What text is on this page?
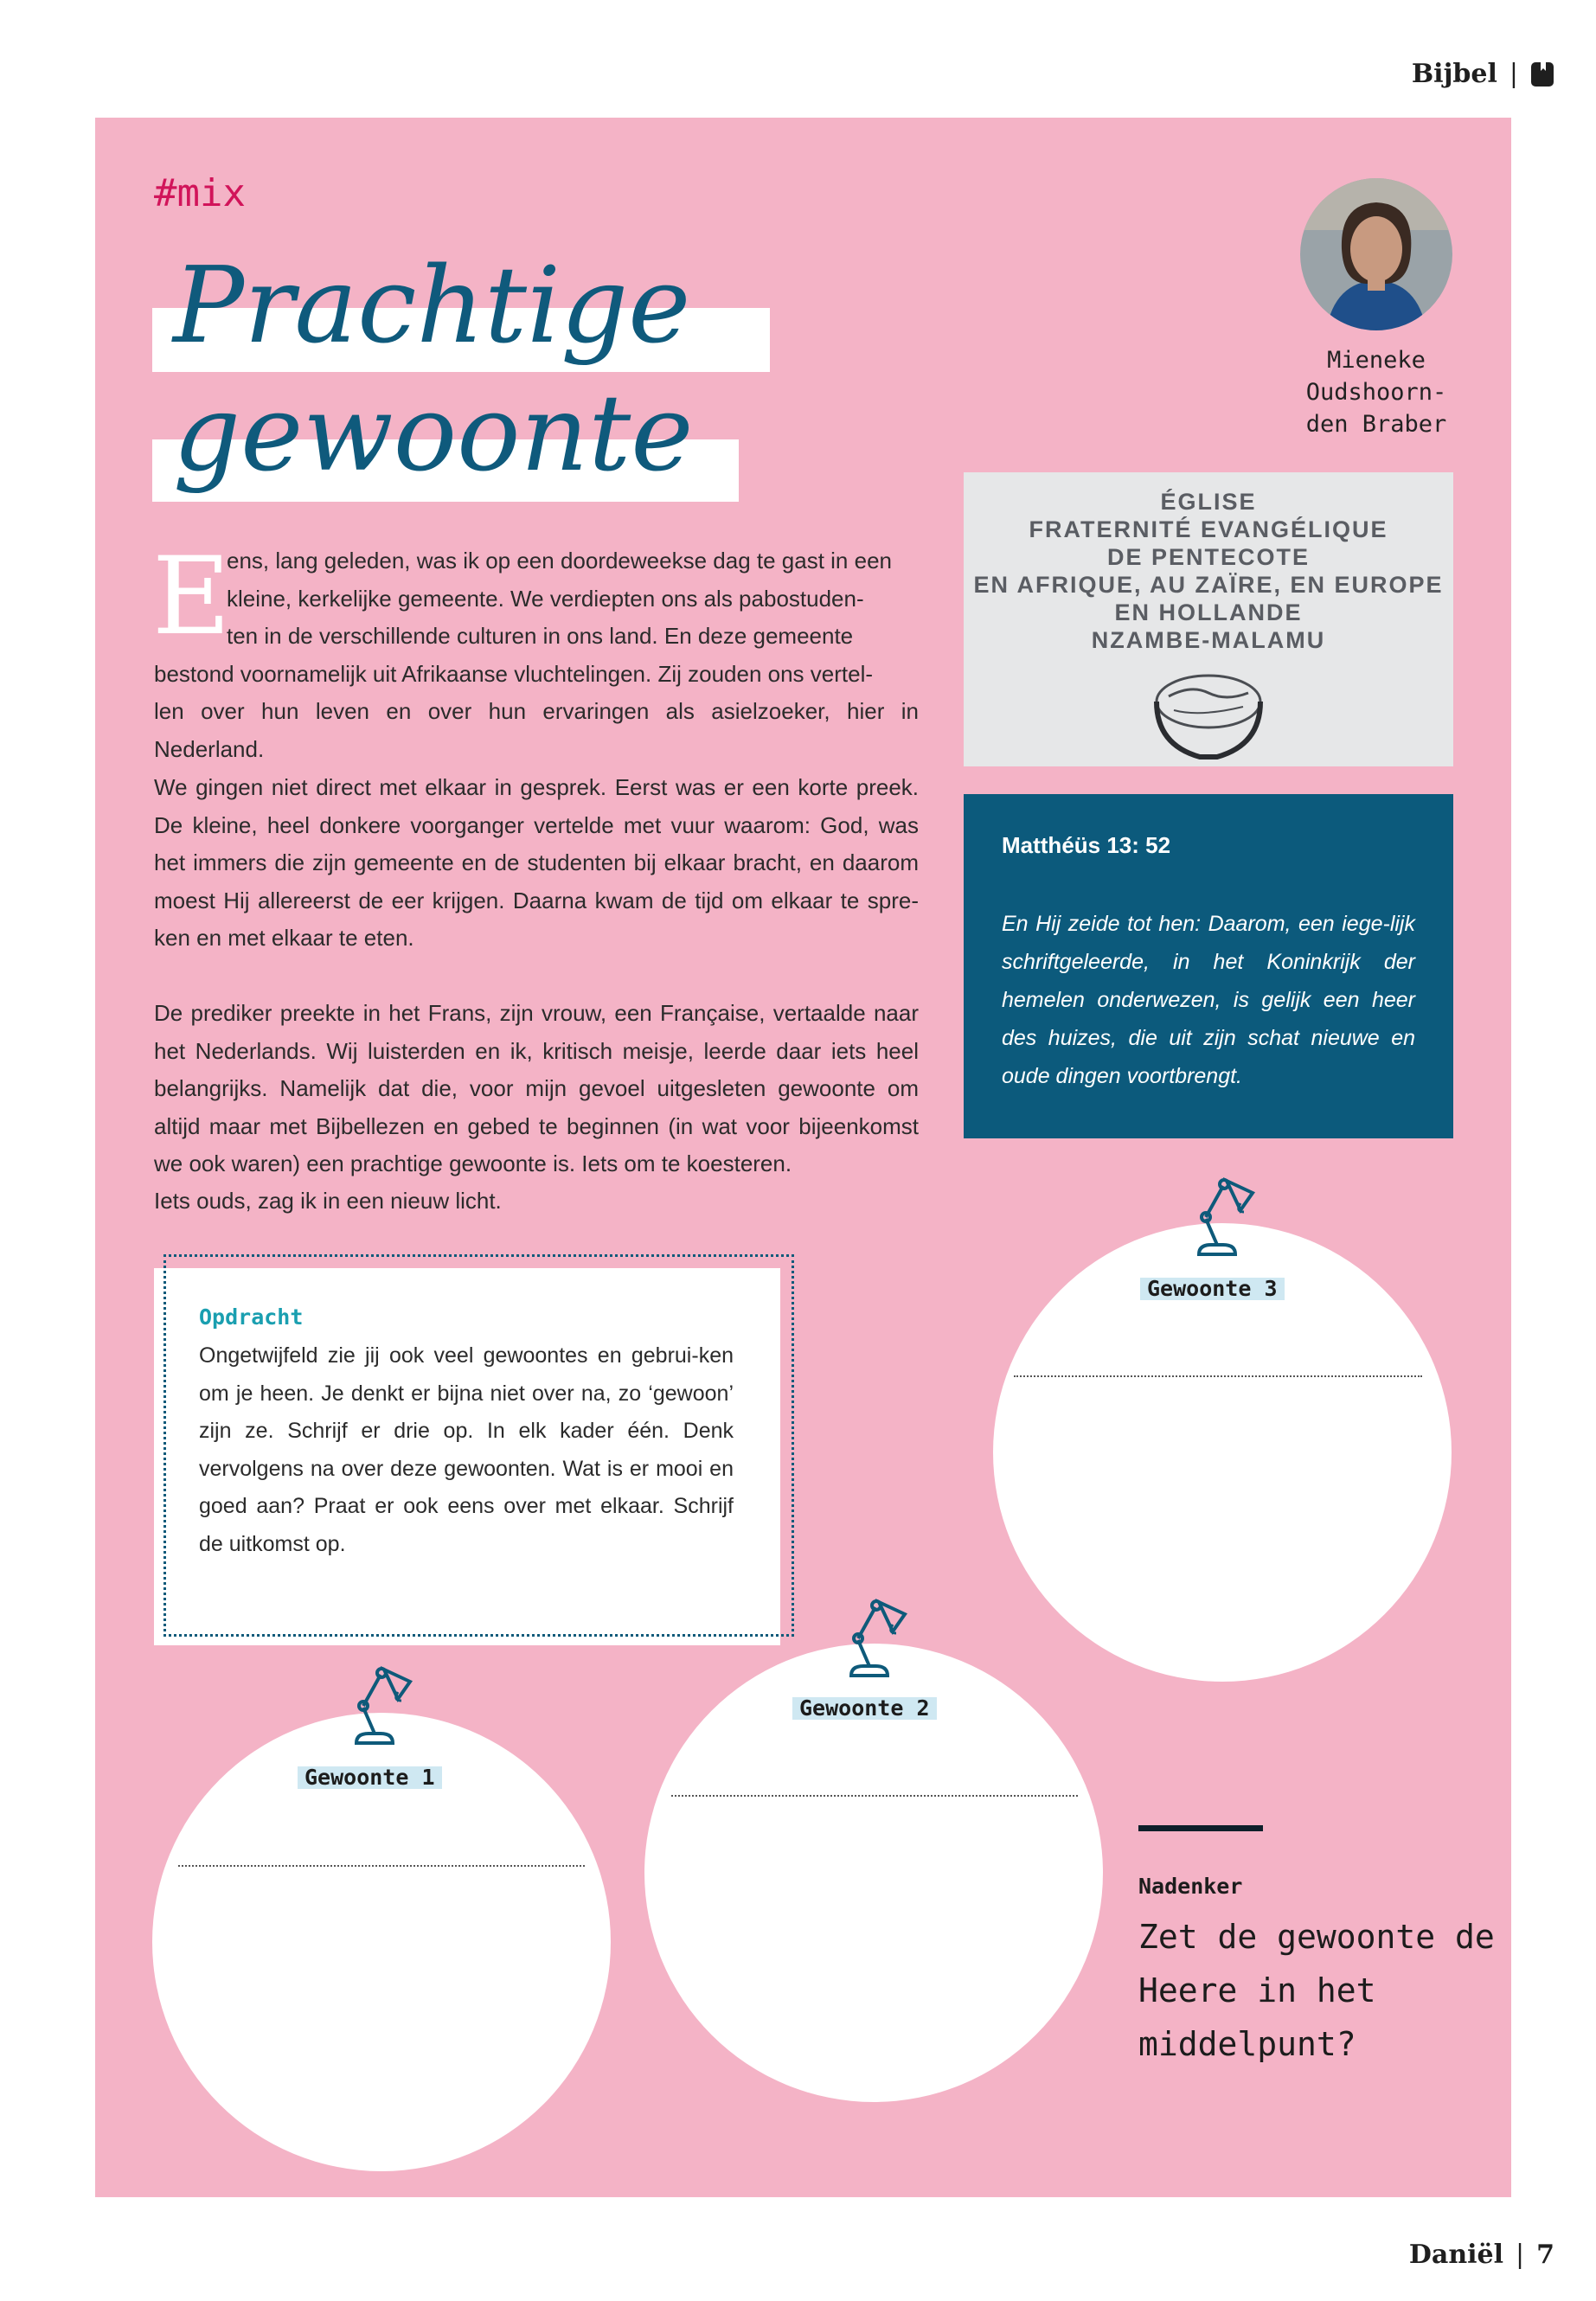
Bijbel |
#mix
Prachtige
gewoonte
Mieneke
Oudshoorn-
den Braber
ÉGLISE
FRATERNITÉ EVANGÉLIQUE
DE PENTECOTE
EN AFRIQUE, AU ZAÏRE, EN EUROPE
EN HOLLANDE
NZAMBE-MALAMU
E
ens, lang geleden, was ik op een doordeweekse dag te gast in een
kleine, kerkelijke gemeente. We verdiepten ons als pabostuden-
ten in de verschillende culturen in ons land. En deze gemeente
bestond voornamelijk uit Afrikaanse vluchtelingen. Zij zouden ons vertel-
len over hun leven en over hun ervaringen als asielzoeker, hier in Nederland.
We gingen niet direct met elkaar in gesprek. Eerst was er een korte preek. De kleine, heel donkere voorganger vertelde met vuur waarom: God, was het immers die zijn gemeente en de studenten bij elkaar bracht, en daarom moest Hij allereerst de eer krijgen. Daarna kwam de tijd om elkaar te spre-ken en met elkaar te eten.
De prediker preekte in het Frans, zijn vrouw, een Française, vertaalde naar het Nederlands. Wij luisterden en ik, kritisch meisje, leerde daar iets heel belangrijks. Namelijk dat die, voor mijn gevoel uitgesleten gewoonte om altijd maar met Bijbellezen en gebed te beginnen (in wat voor bijeenkomst we ook waren) een prachtige gewoonte is. Iets om te koesteren.
Iets ouds, zag ik in een nieuw licht.
Matthéüs 13: 52
En Hij zeide tot hen: Daarom, een iege-lijk schriftgeleerde, in het Koninkrijk der hemelen onderwezen, is gelijk een heer des huizes, die uit zijn schat nieuwe en oude dingen voortbrengt.
Opdracht
Ongetwijfeld zie jij ook veel gewoontes en gebrui-ken om je heen. Je denkt er bijna niet over na, zo ‘gewoon’ zijn ze. Schrijf er drie op. In elk kader één. Denk vervolgens na over deze gewoonten. Wat is er mooi en goed aan? Praat er ook eens over met elkaar. Schrijf de uitkomst op.
Gewoonte 3
Gewoonte 2
Gewoonte 1
Nadenker
Zet de gewoonte de Heere in het middelpunt?
Daniël | 7
